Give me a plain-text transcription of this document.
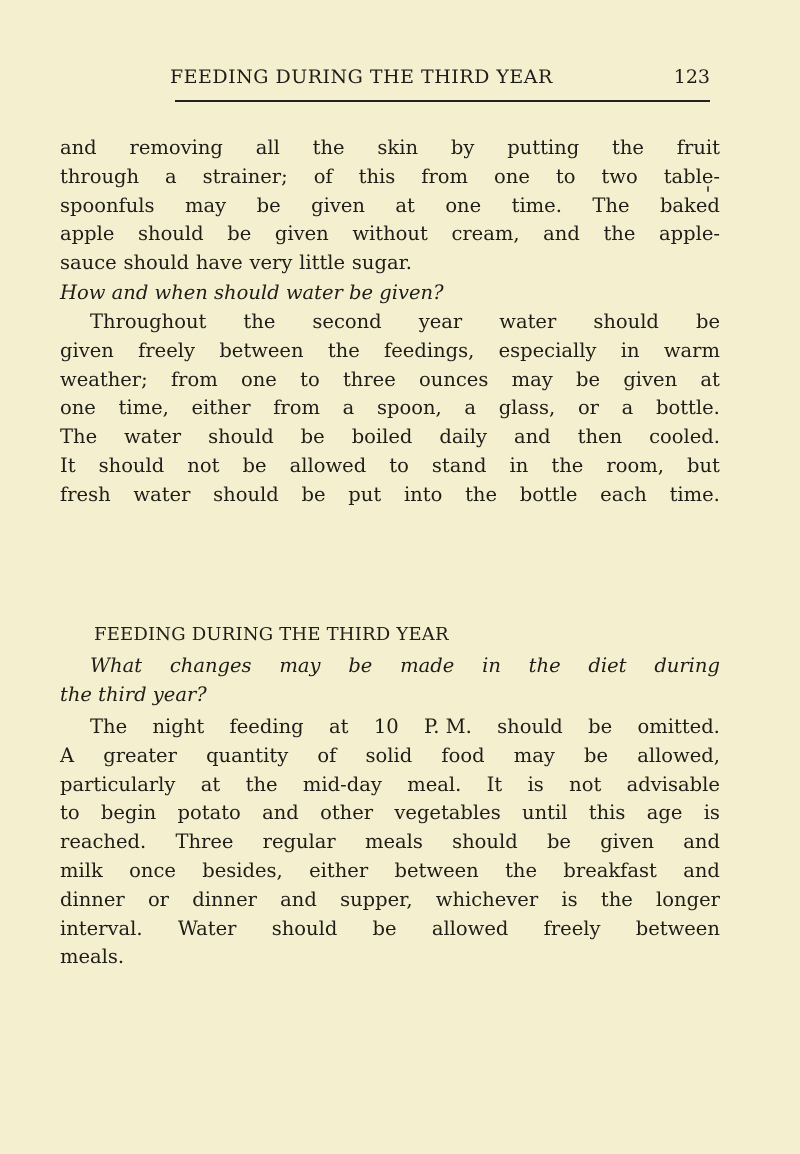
FEEDING DURING THE THIRD YEAR	123
and removing all the skin by putting the fruit
through a strainer; of this from one to two table-
spoonfuls may be given at one time. The baked
apple should be given without cream, and the apple-
sauce should have very little sugar.
How and when should water be given?
Throughout the second year water should be
given freely between the feedings, especially in warm
weather; from one to three ounces may be given at
one time, either from a spoon, a glass, or a bottle.
The water should be boiled daily and then cooled.
It should not be allowed to stand in the room, but
fresh water should be put into the bottle each time.
FEEDING DURING THE THIRD YEAR
What changes may be made in the diet during
the third year?
The night feeding at 10 P. M. should be omitted.
A greater quantity of solid food may be allowed,
particularly at the mid-day meal. It is not advisable
to begin potato and other vegetables until this age is
reached. Three regular meals should be given and
milk once besides, either between the breakfast and
dinner or dinner and supper, whichever is the longer
interval. Water should be allowed freely between
meals.
